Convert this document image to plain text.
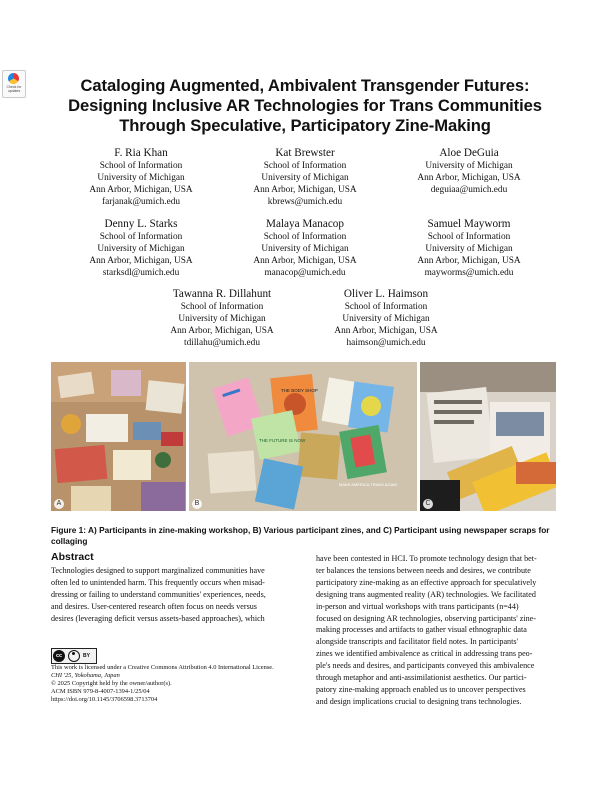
Check for updates	Cataloging Augmented, Ambivalent Transgender Futures:
Designing Inclusive AR Technologies for Trans Communities
Through Speculative, Participatory Zine-Making
F. Ria Khan
School of Information
University of Michigan
Ann Arbor, Michigan, USA
farjanak@umich.edu
Kat Brewster
School of Information
University of Michigan
Ann Arbor, Michigan, USA
kbrews@umich.edu
Aloe DeGuia
University of Michigan
Ann Arbor, Michigan, USA
deguiaa@umich.edu
Denny L. Starks
School of Information
University of Michigan
Ann Arbor, Michigan, USA
starksdl@umich.edu
Malaya Manacop
School of Information
University of Michigan
Ann Arbor, Michigan, USA
manacop@umich.edu
Samuel Mayworm
School of Information
University of Michigan
Ann Arbor, Michigan, USA
mayworms@umich.edu
Tawanna R. Dillahunt
School of Information
University of Michigan
Ann Arbor, Michigan, USA
tdillahu@umich.edu
Oliver L. Haimson
School of Information
University of Michigan
Ann Arbor, Michigan, USA
haimson@umich.edu
A
THE BODY SHOP
THE FUTURE IS NOW
MAKE AMERICA TRANS AGAIN
B	C
Figure 1: A) Participants in zine-making workshop, B) Various participant zines, and C) Participant using newspaper scraps for collaging
Abstract
Technologies designed to support marginalized communities have
often led to unintended harm. This frequently occurs when misad-
dressing or failing to understand communities' experiences, needs,
and desires. User-centered research often focus on needs versus
desires (leveraging deficit versus assets-based approaches), which
have been contested in HCI. To promote technology design that bet-
ter balances the tensions between needs and desires, we contribute
participatory zine-making as an effective approach for speculatively
designing trans augmented reality (AR) technologies. We facilitated
in-person and virtual workshops with trans participants (n=44)
focused on designing AR technologies, observing participants' zine-
making processes and artifacts to gather visual ethnographic data
alongside transcripts and facilitator field notes. In participants'
zines we identified ambivalence as critical in addressing trans peo-
ple's needs and desires, and participants conveyed this ambivalence
through metaphor and anti-assimilationist aesthetics. Our partici-
patory zine-making approach enabled us to uncover perspectives
and design implications crucial to designing trans technologies.
cc	BY
This work is licensed under a Creative Commons Attribution 4.0 International License.
CHI '25, Yokohama, Japan
© 2025 Copyright held by the owner/author(s).
ACM ISBN 979-8-4007-1394-1/25/04
https://doi.org/10.1145/3706598.3713704
